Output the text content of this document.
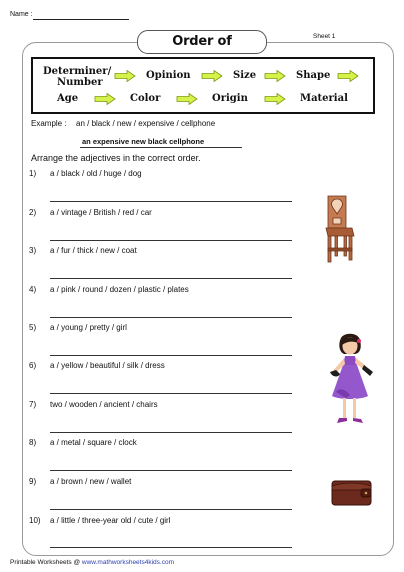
Name :
Sheet 1
Order of
Determiner/
Number
Opinion	Size	Shape
Age	Color	Origin	Material
Example : an / black / new / expensive / cellphone
an expensive new black cellphone
Arrange the adjectives in the correct order.
1) a / black / old / huge / dog
2) a / vintage / British / red / car
3) a / fur / thick / new / coat
4) a / pink / round / dozen / plastic / plates
5) a / young / pretty / girl
6) a / yellow / beautiful / silk / dress
7) two / wooden / ancient / chairs
8) a / metal / square / clock
9) a / brown / new / wallet
10) a / little / three-year old / cute / girl
Printable Worksheets @ www.mathworksheets4kids.com
